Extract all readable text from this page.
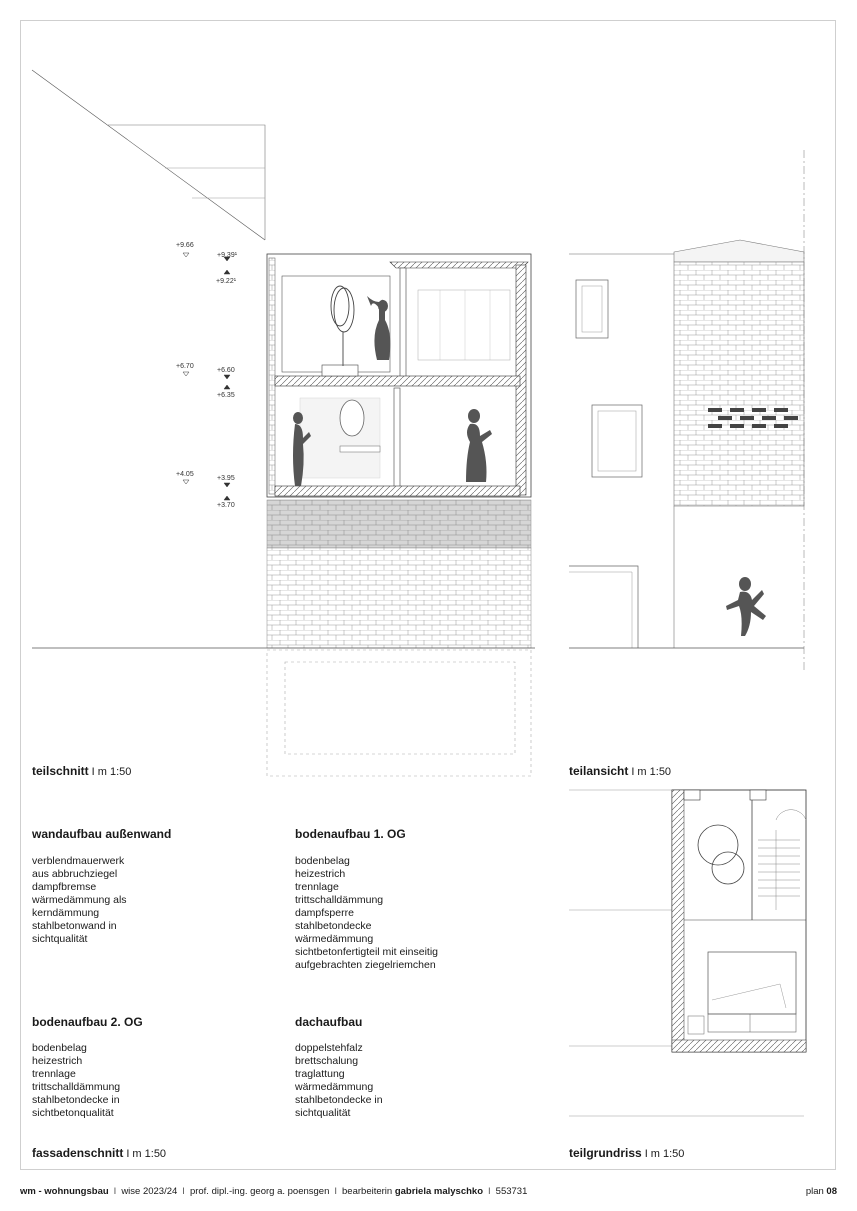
+9.66
+9.39¹
+9.22¹
+6.70
+6.60
+6.35
+4.05
+3.95
+3.70
teilschnitt I m 1:50	teilansicht I m 1:50
fassadenschnitt I m 1:50	teilgrundriss I m 1:50
wandaufbau außenwand
verblendmauerwerk
aus abbruchziegel
dampfbremse
wärmedämmung als
kerndämmung
stahlbetonwand in
sichtqualität
bodenaufbau 1. OG
bodenbelag
heizestrich
trennlage
trittschalldämmung
dampfsperre
stahlbetondecke
wärmedämmung
sichtbetonfertigteil mit einseitig
aufgebrachten ziegelriemchen
bodenaufbau 2. OG
bodenbelag
heizestrich
trennlage
trittschalldämmung
stahlbetondecke in
sichtbetonqualität
dachaufbau
doppelstehfalz
brettschalung
traglattung
wärmedämmung
stahlbetondecke in
sichtqualität
wm - wohnungsbau I wise 2023/24 I prof. dipl.-ing. georg a. poensgen I bearbeiterin gabriela malyschko I 553731	plan 08
